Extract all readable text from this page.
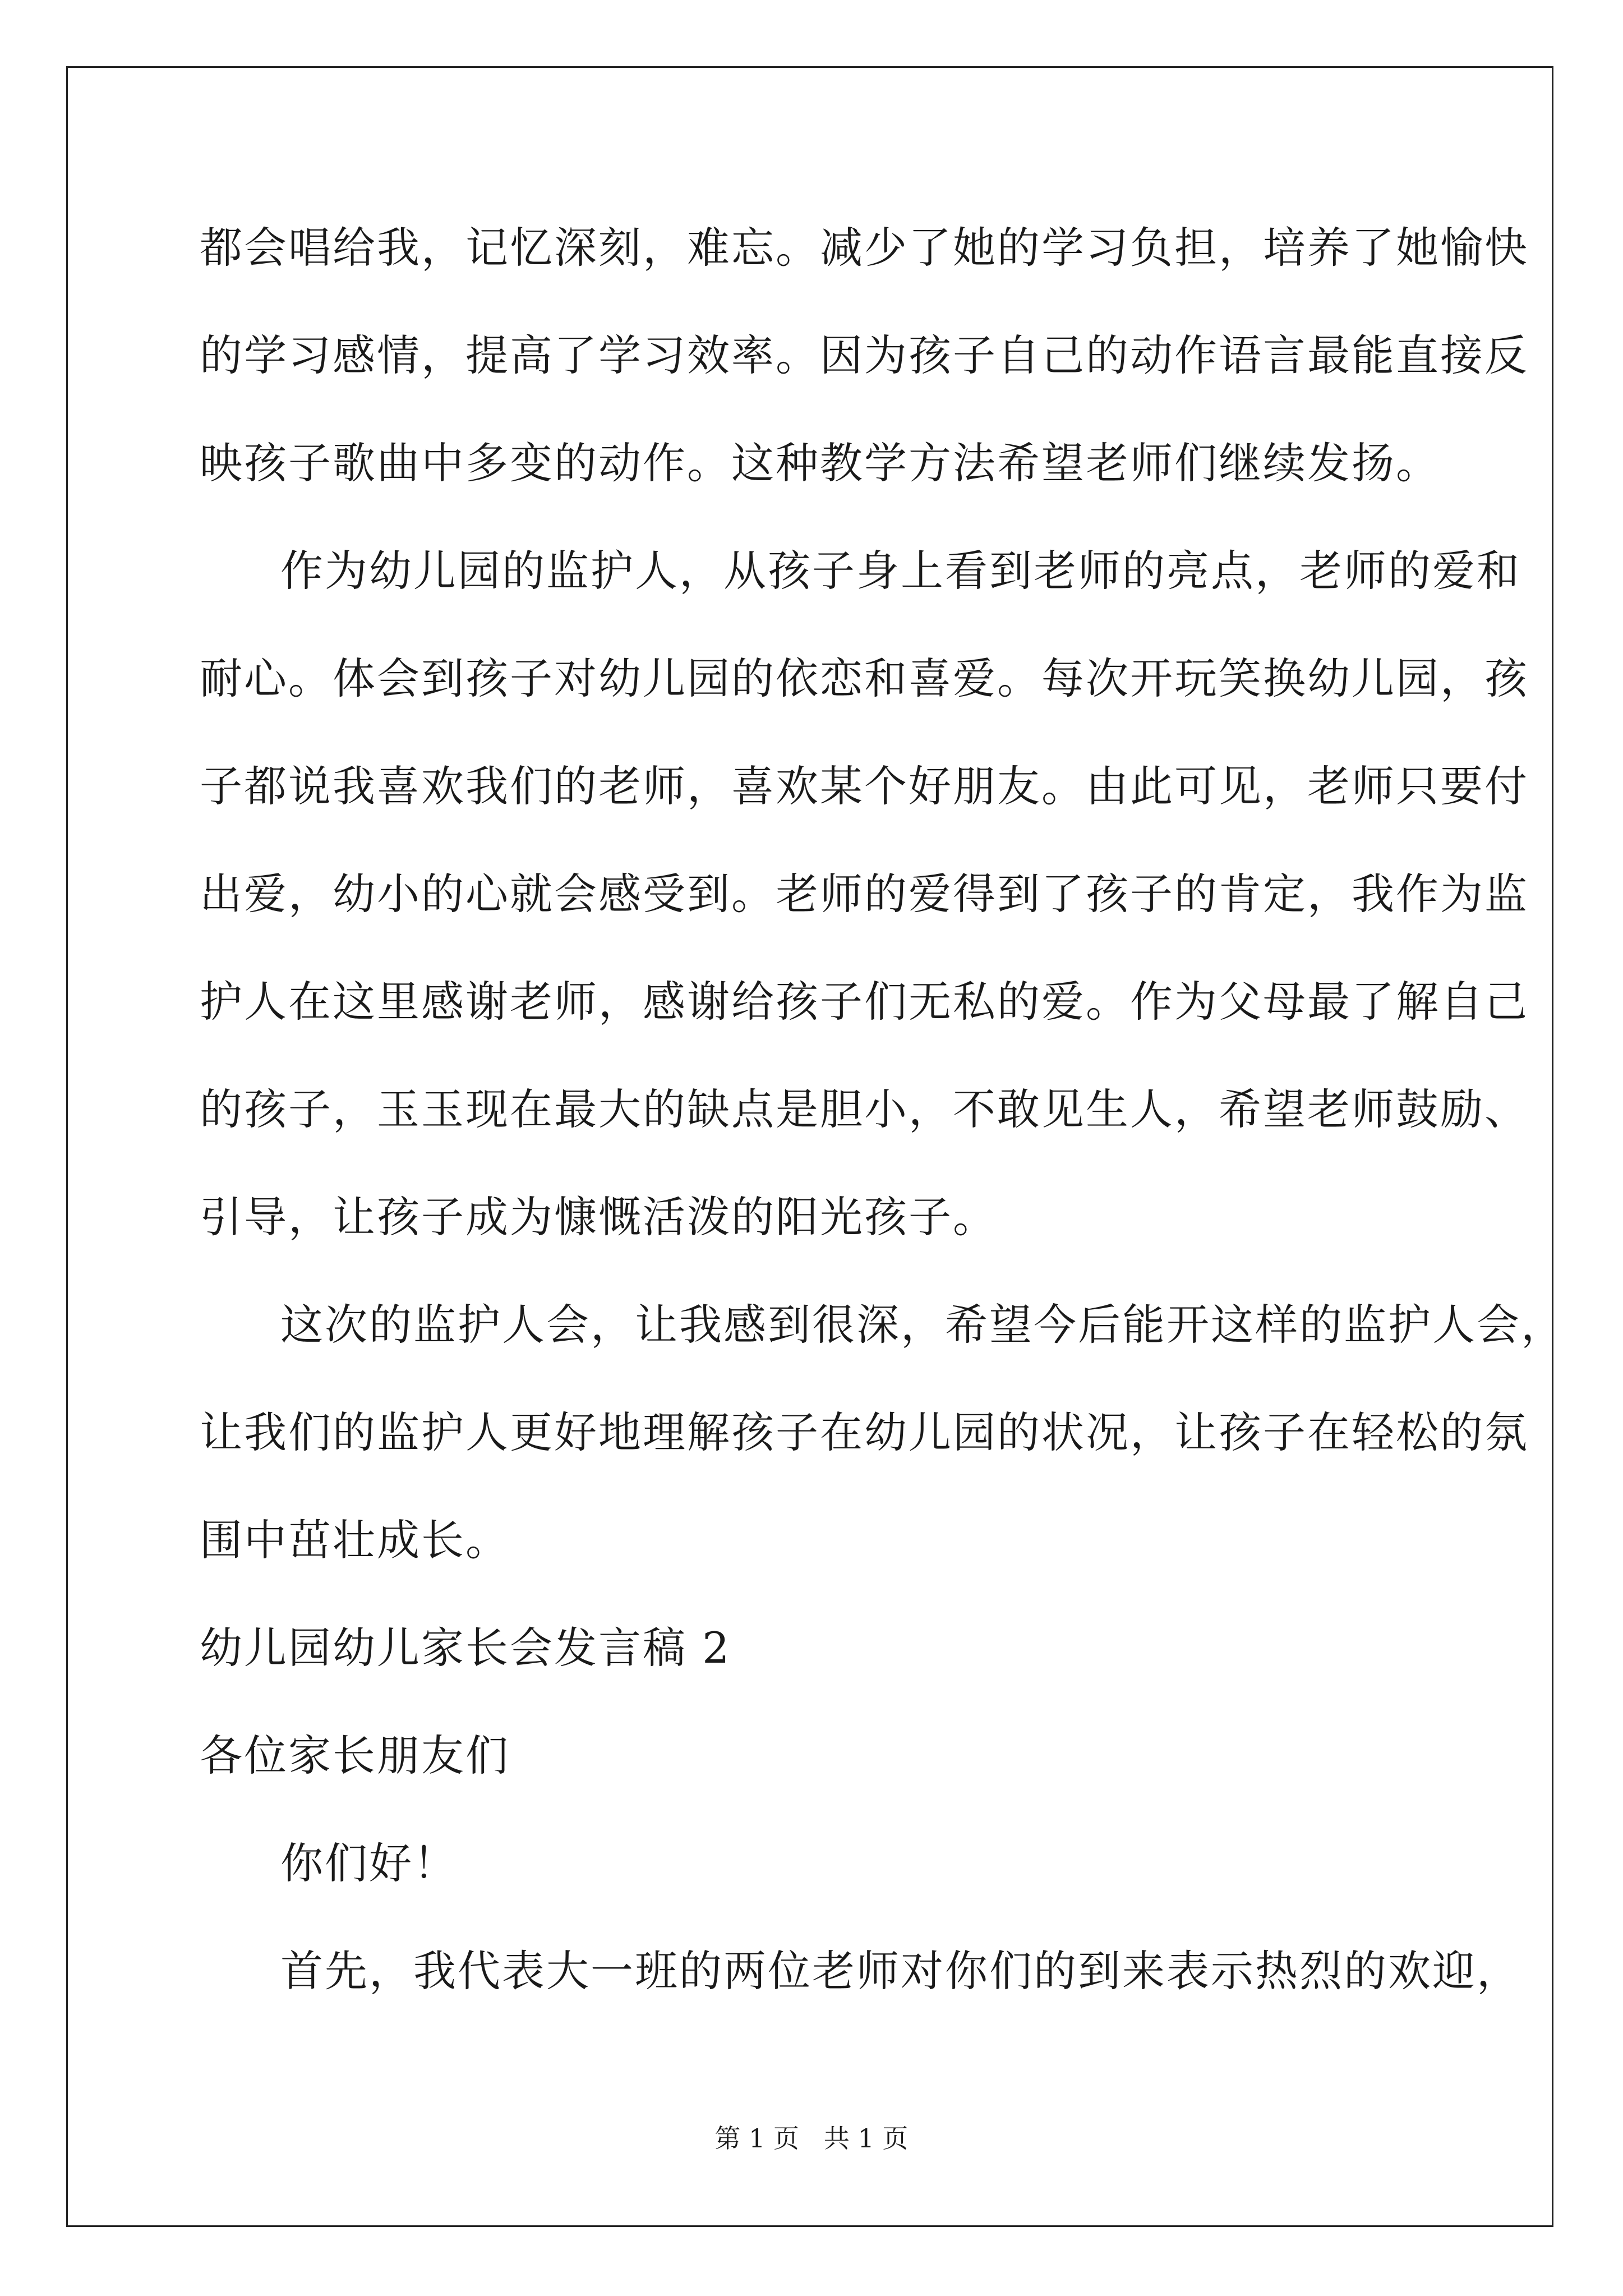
都会唱给我，记忆深刻，难忘。减少了她的学习负担，培养了她愉快
的学习感情，提高了学习效率。因为孩子自己的动作语言最能直接反
映孩子歌曲中多变的动作。这种教学方法希望老师们继续发扬。
作为幼儿园的监护人，从孩子身上看到老师的亮点，老师的爱和
耐心。体会到孩子对幼儿园的依恋和喜爱。每次开玩笑换幼儿园，孩
子都说我喜欢我们的老师，喜欢某个好朋友。由此可见，老师只要付
出爱，幼小的心就会感受到。老师的爱得到了孩子的肯定，我作为监
护人在这里感谢老师，感谢给孩子们无私的爱。作为父母最了解自己
的孩子，玉玉现在最大的缺点是胆小，不敢见生人，希望老师鼓励、
引导，让孩子成为慷慨活泼的阳光孩子。
这次的监护人会，让我感到很深，希望今后能开这样的监护人会，
让我们的监护人更好地理解孩子在幼儿园的状况，让孩子在轻松的氛
围中茁壮成长。
幼儿园幼儿家长会发言稿 2
各位家长朋友们
你们好！
首先，我代表大一班的两位老师对你们的到来表示热烈的欢迎，
第 1 页   共 1 页
